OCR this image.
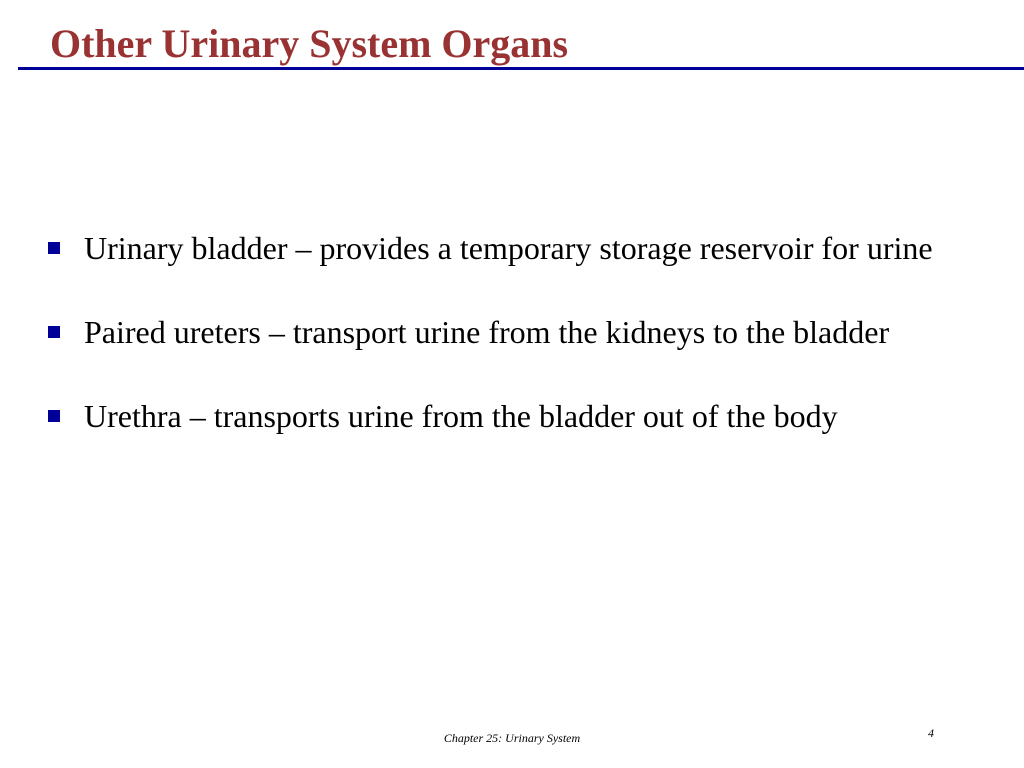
Other Urinary System Organs
Urinary bladder – provides a temporary storage reservoir for urine
Paired ureters – transport urine from the kidneys to the bladder
Urethra – transports urine from the bladder out of the body
Chapter 25: Urinary System	4
